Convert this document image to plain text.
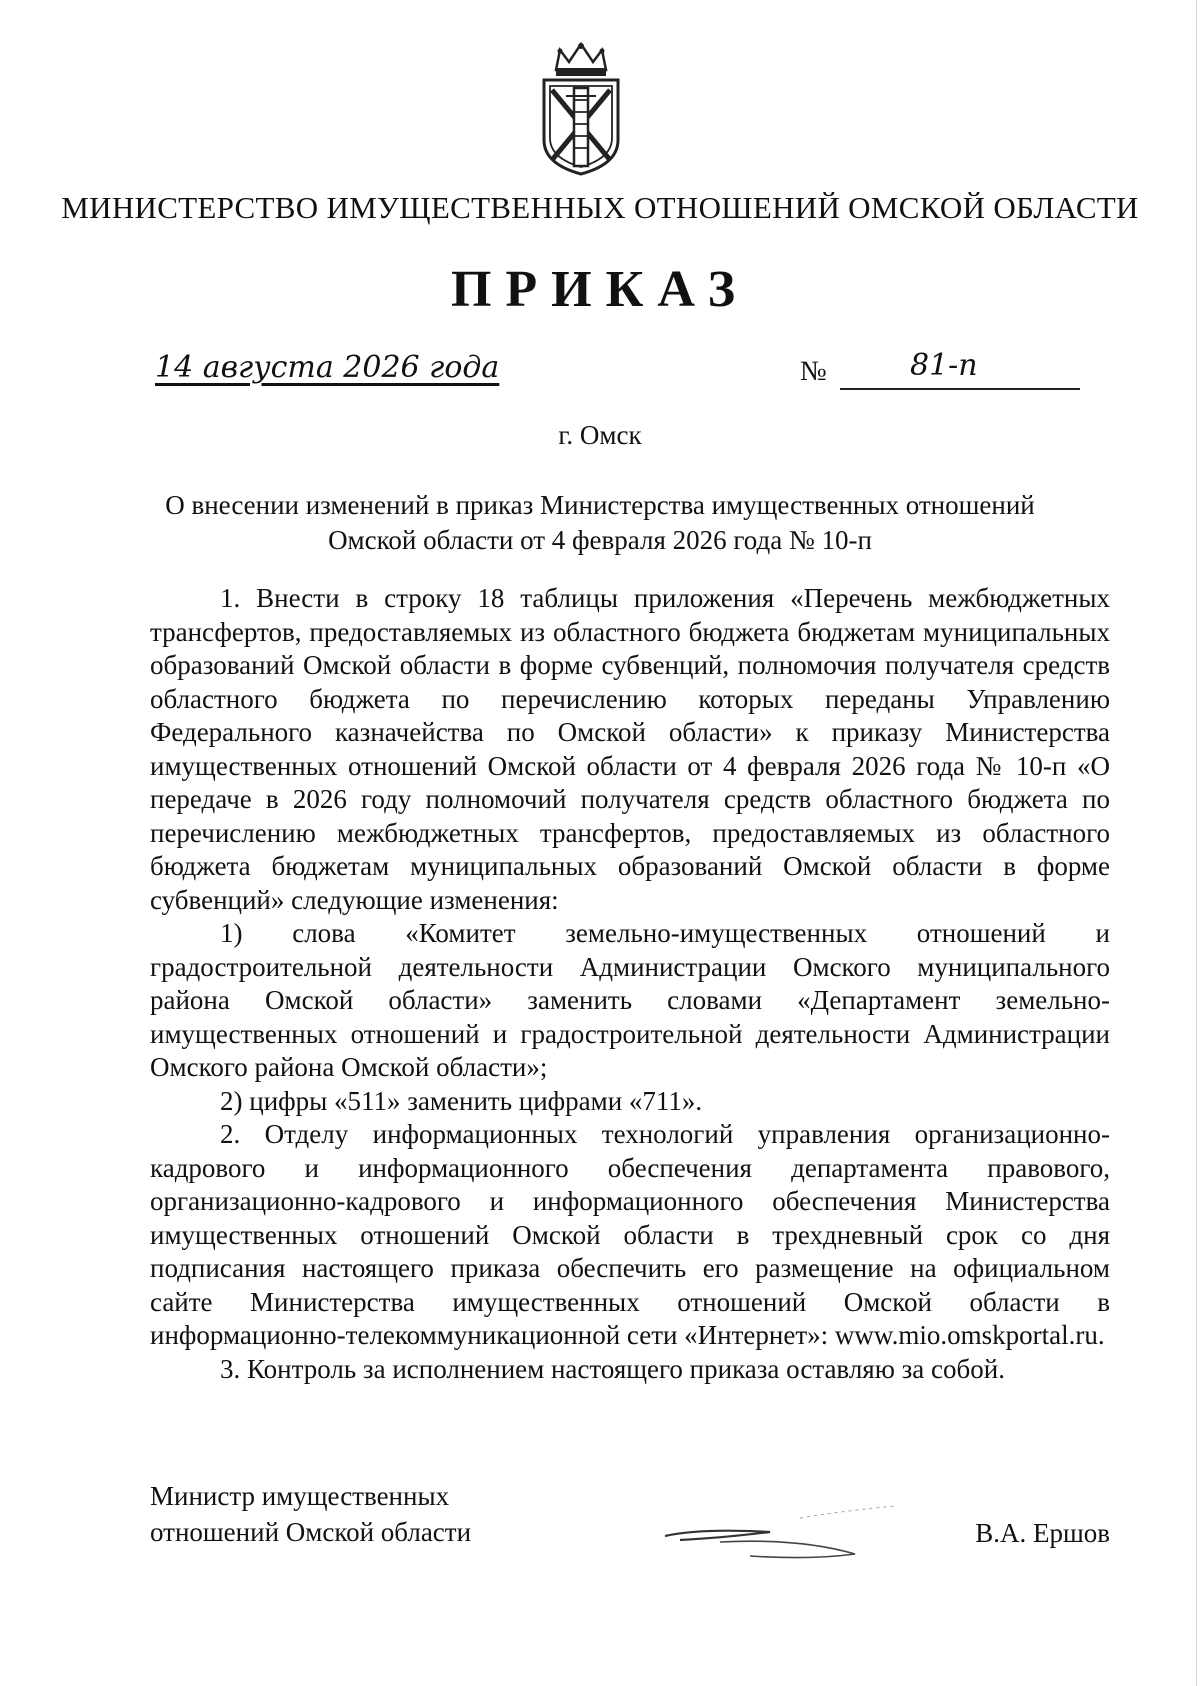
МИНИСТЕРСТВО ИМУЩЕСТВЕННЫХ ОТНОШЕНИЙ ОМСКОЙ ОБЛАСТИ
ПРИКАЗ
14 августа 2026 года	№	81-п
г. Омск
О внесении изменений в приказ Министерства имущественных отношений
Омской области от 4 февраля 2026 года № 10-п

1. Внести в строку 18 таблицы приложения «Перечень межбюджетных трансфертов, предоставляемых из областного бюджета бюджетам муниципальных образований Омской области в форме субвенций, полномочия получателя средств областного бюджета по перечислению которых переданы Управлению Федерального казначейства по Омской области» к приказу Министерства имущественных отношений Омской области от 4 февраля 2026 года № 10-п «О передаче в 2026 году полномочий получателя средств областного бюджета по перечислению межбюджетных трансфертов, предоставляемых из областного бюджета бюджетам муниципальных образований Омской области в форме субвенций» следующие изменения:

1) слова «Комитет земельно-имущественных отношений и градостроительной деятельности Администрации Омского муниципального района Омской области» заменить словами «Департамент земельно-имущественных отношений и градостроительной деятельности Администрации Омского района Омской области»;

2) цифры «511» заменить цифрами «711».

2. Отделу информационных технологий управления организационно-кадрового и информационного обеспечения департамента правового, организационно-кадрового и информационного обеспечения Министерства имущественных отношений Омской области в трехдневный срок со дня подписания настоящего приказа обеспечить его размещение на официальном сайте Министерства имущественных отношений Омской области в информационно-телекоммуникационной сети «Интернет»: www.mio.omskportal.ru.

3. Контроль за исполнением настоящего приказа оставляю за собой.

Министр имущественных
отношений Омской области	В.А. Ершов
